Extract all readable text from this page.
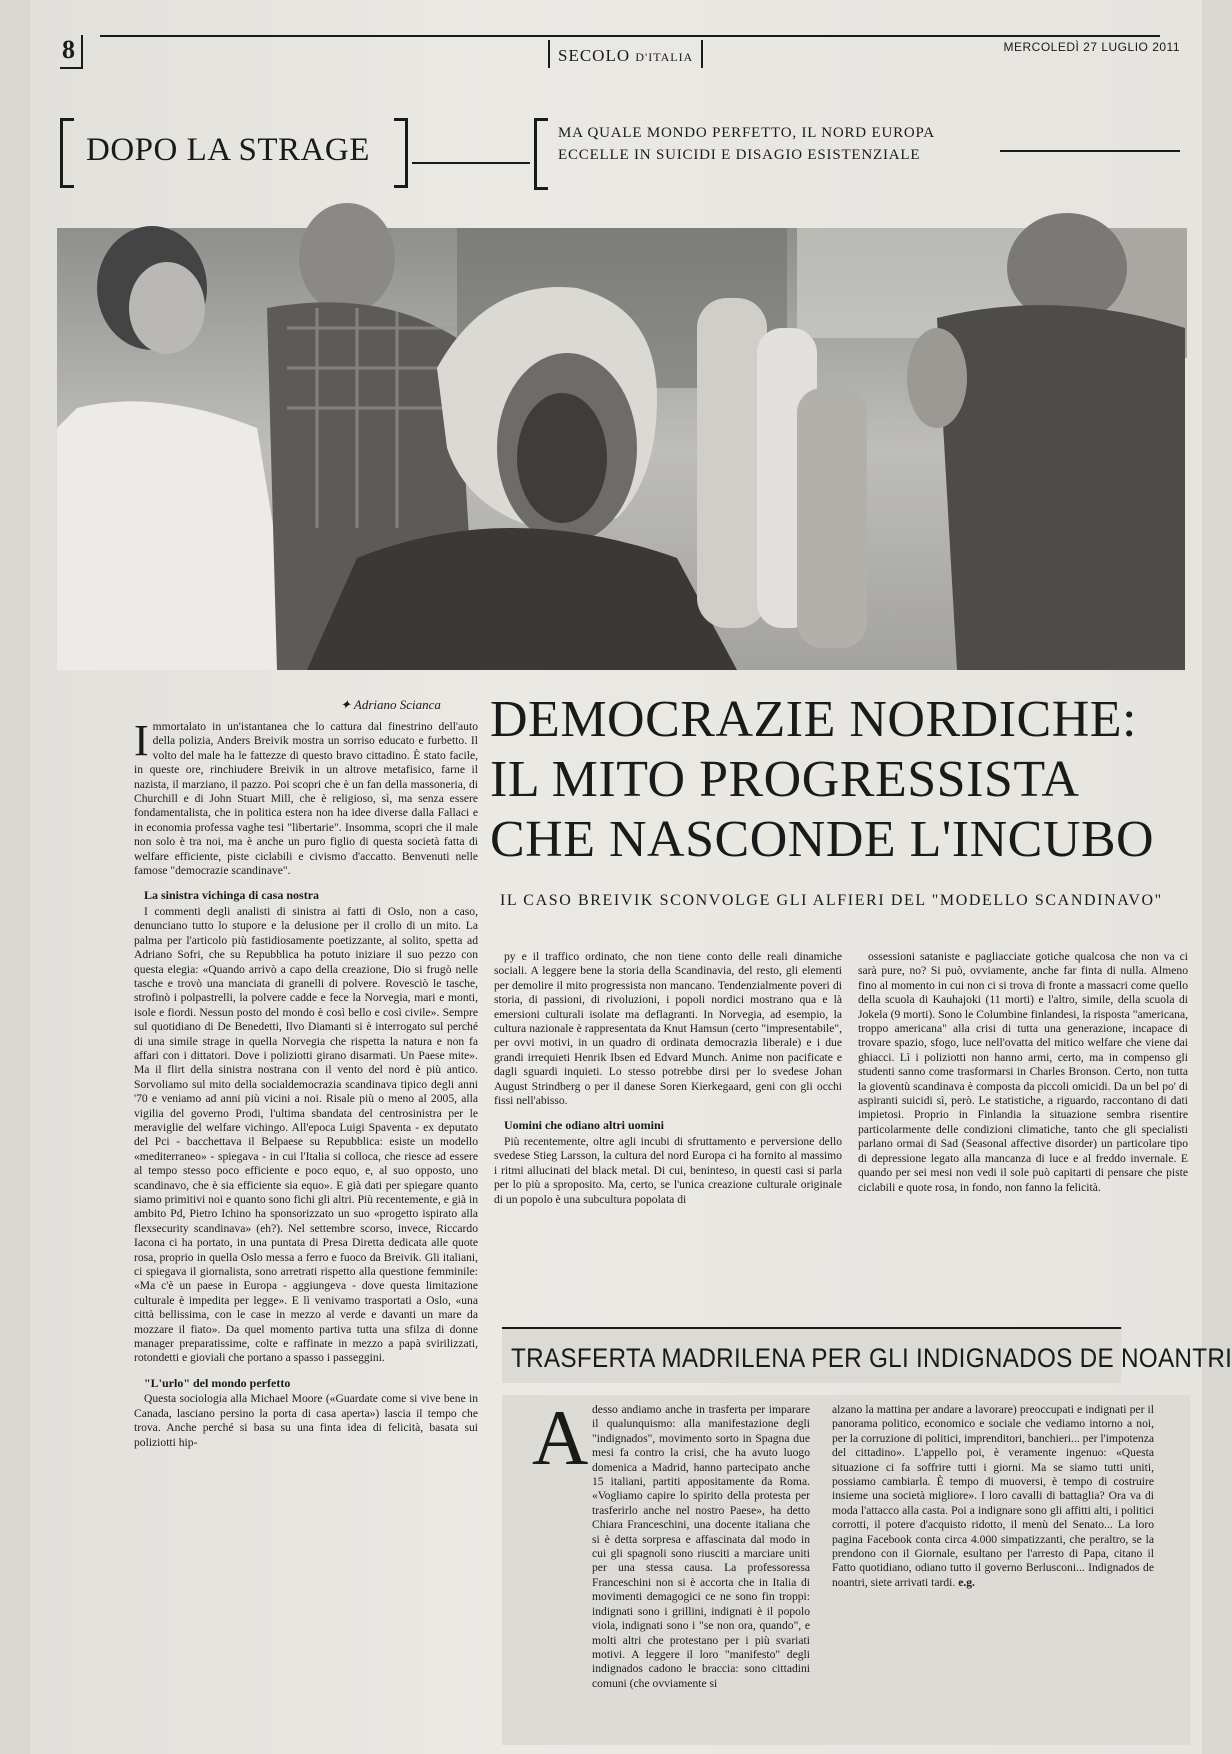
8	SECOLO D'ITALIA
MERCOLEDÌ 27 LUGLIO 2011
DOPO LA STRAGE	MA QUALE MONDO PERFETTO, IL NORD EUROPA
ECCELLE IN SUICIDI E DISAGIO ESISTENZIALE
✦ Adriano Scianca DEMOCRAZIE NORDICHE:
IL MITO PROGRESSISTA
CHE NASCONDE L'INCUBO
IL CASO BREIVIK SCONVOLGE GLI ALFIERI DEL "MODELLO SCANDINAVO"

Immortalato in un'istantanea che lo cattura dal finestrino dell'auto della polizia, Anders Breivik mostra un sorriso educato e furbetto. Il volto del male ha le fattezze di questo bravo cittadino. È stato facile, in queste ore, rinchiudere Breivik in un altrove metafisico, farne il nazista, il marziano, il pazzo. Poi scopri che è un fan della massoneria, di Churchill e di John Stuart Mill, che è religioso, sì, ma senza essere fondamentalista, che in politica estera non ha idee diverse dalla Fallaci e in economia professa vaghe tesi "libertarie". Insomma, scopri che il male non solo è tra noi, ma è anche un puro figlio di questa società fatta di welfare efficiente, piste ciclabili e civismo d'accatto. Benvenuti nelle famose "democrazie scandinave".

La sinistra vichinga di casa nostra

I commenti degli analisti di sinistra ai fatti di Oslo, non a caso, denunciano tutto lo stupore e la delusione per il crollo di un mito. La palma per l'articolo più fastidiosamente poetizzante, al solito, spetta ad Adriano Sofri, che su Repubblica ha potuto iniziare il suo pezzo con questa elegia: «Quando arrivò a capo della creazione, Dio si frugò nelle tasche e trovò una manciata di granelli di polvere. Rovesciò le tasche, strofinò i polpastrelli, la polvere cadde e fece la Norvegia, mari e monti, isole e fiordi. Nessun posto del mondo è così bello e così civile». Sempre sul quotidiano di De Benedetti, Ilvo Diamanti si è interrogato sul perché di una simile strage in quella Norvegia che rispetta la natura e non fa affari con i dittatori. Dove i poliziotti girano disarmati. Un Paese mite». Ma il flirt della sinistra nostrana con il vento del nord è più antico. Sorvoliamo sul mito della socialdemocrazia scandinava tipico degli anni '70 e veniamo ad anni più vicini a noi. Risale più o meno al 2005, alla vigilia del governo Prodi, l'ultima sbandata del centrosinistra per le meraviglie del welfare vichingo. All'epoca Luigi Spaventa - ex deputato del Pci - bacchettava il Belpaese su Repubblica: esiste un modello «mediterraneo» - spiegava - in cui l'Italia si colloca, che riesce ad essere al tempo stesso poco efficiente e poco equo, e, al suo opposto, uno scandinavo, che è sia efficiente sia equo». E già dati per spiegare quanto siamo primitivi noi e quanto sono fichi gli altri. Più recentemente, e già in ambito Pd, Pietro Ichino ha sponsorizzato un suo «progetto ispirato alla flexsecurity scandinava» (eh?). Nel settembre scorso, invece, Riccardo Iacona ci ha portato, in una puntata di Presa Diretta dedicata alle quote rosa, proprio in quella Oslo messa a ferro e fuoco da Breivik. Gli italiani, ci spiegava il giornalista, sono arretrati rispetto alla questione femminile: «Ma c'è un paese in Europa - aggiungeva - dove questa limitazione culturale è impedita per legge». E lì venivamo trasportati a Oslo, «una città bellissima, con le case in mezzo al verde e davanti un mare da mozzare il fiato». Da quel momento partiva tutta una sfilza di donne manager preparatissime, colte e raffinate in mezzo a papà svirilizzati, rotondetti e gioviali che portano a spasso i passeggini.

"L'urlo" del mondo perfetto

Questa sociologia alla Michael Moore («Guardate come si vive bene in Canada, lasciano persino la porta di casa aperta») lascia il tempo che trova. Anche perché si basa su una finta idea di felicità, basata sui poliziotti hip-

py e il traffico ordinato, che non tiene conto delle reali dinamiche sociali. A leggere bene la storia della Scandinavia, del resto, gli elementi per demolire il mito progressista non mancano. Tendenzialmente poveri di storia, di passioni, di rivoluzioni, i popoli nordici mostrano qua e là emersioni culturali isolate ma deflagranti. In Norvegia, ad esempio, la cultura nazionale è rappresentata da Knut Hamsun (certo "impresentabile", per ovvi motivi, in un quadro di ordinata democrazia liberale) e i due grandi irrequieti Henrik Ibsen ed Edvard Munch. Anime non pacificate e dagli sguardi inquieti. Lo stesso potrebbe dirsi per lo svedese Johan August Strindberg o per il danese Soren Kierkegaard, geni con gli occhi fissi nell'abisso.

Uomini che odiano altri uomini

Più recentemente, oltre agli incubi di sfruttamento e perversione dello svedese Stieg Larsson, la cultura del nord Europa ci ha fornito al massimo i ritmi allucinati del black metal. Di cui, beninteso, in questi casi si parla per lo più a sproposito. Ma, certo, se l'unica creazione culturale originale di un popolo è una subcultura popolata di

ossessioni sataniste e pagliacciate gotiche qualcosa che non va ci sarà pure, no? Si può, ovviamente, anche far finta di nulla. Almeno fino al momento in cui non ci si trova di fronte a massacri come quello della scuola di Kauhajoki (11 morti) e l'altro, simile, della scuola di Jokela (9 morti). Sono le Columbine finlandesi, la risposta "americana, troppo americana" alla crisi di tutta una generazione, incapace di trovare spazio, sfogo, luce nell'ovatta del mitico welfare che viene dai ghiacci. Lì i poliziotti non hanno armi, certo, ma in compenso gli studenti sanno come trasformarsi in Charles Bronson. Certo, non tutta la gioventù scandinava è composta da piccoli omicidi. Da un bel po' di aspiranti suicidi sì, però. Le statistiche, a riguardo, raccontano di dati impietosi. Proprio in Finlandia la situazione sembra risentire particolarmente delle condizioni climatiche, tanto che gli specialisti parlano ormai di Sad (Seasonal affective disorder) un particolare tipo di depressione legato alla mancanza di luce e al freddo invernale. E quando per sei mesi non vedi il sole può capitarti di pensare che piste ciclabili e quote rosa, in fondo, non fanno la felicità.

TRASFERTA MADRILENA PER GLI INDIGNADOS DE NOANTRI
A desso andiamo anche in trasferta per imparare il qualunquismo: alla manifestazione degli "indignados", movimento sorto in Spagna due mesi fa contro la crisi, che ha avuto luogo domenica a Madrid, hanno partecipato anche 15 italiani, partiti appositamente da Roma. «Vogliamo capire lo spirito della protesta per trasferirlo anche nel nostro Paese», ha detto Chiara Franceschini, una docente italiana che si è detta sorpresa e affascinata dal modo in cui gli spagnoli sono riusciti a marciare uniti per una stessa causa. La professoressa Franceschini non si è accorta che in Italia di movimenti demagogici ce ne sono fin troppi: indignati sono i grillini, indignati è il popolo viola, indignati sono i "se non ora, quando", e molti altri che protestano per i più svariati motivi. A leggere il loro "manifesto" degli indignados cadono le braccia: sono cittadini comuni (che ovviamente si

alzano la mattina per andare a lavorare) preoccupati e indignati per il panorama politico, economico e sociale che vediamo intorno a noi, per la corruzione di politici, imprenditori, banchieri... per l'impotenza del cittadino». L'appello poi, è veramente ingenuo: «Questa situazione ci fa soffrire tutti i giorni. Ma se siamo tutti uniti, possiamo cambiarla. È tempo di muoversi, è tempo di costruire insieme una società migliore». I loro cavalli di battaglia? Ora va di moda l'attacco alla casta. Poi a indignare sono gli affitti alti, i politici corrotti, il potere d'acquisto ridotto, il menù del Senato... La loro pagina Facebook conta circa 4.000 simpatizzanti, che peraltro, se la prendono con il Giornale, esultano per l'arresto di Papa, citano il Fatto quotidiano, odiano tutto il governo Berlusconi... Indignados de noantri, siete arrivati tardi. e.g.
